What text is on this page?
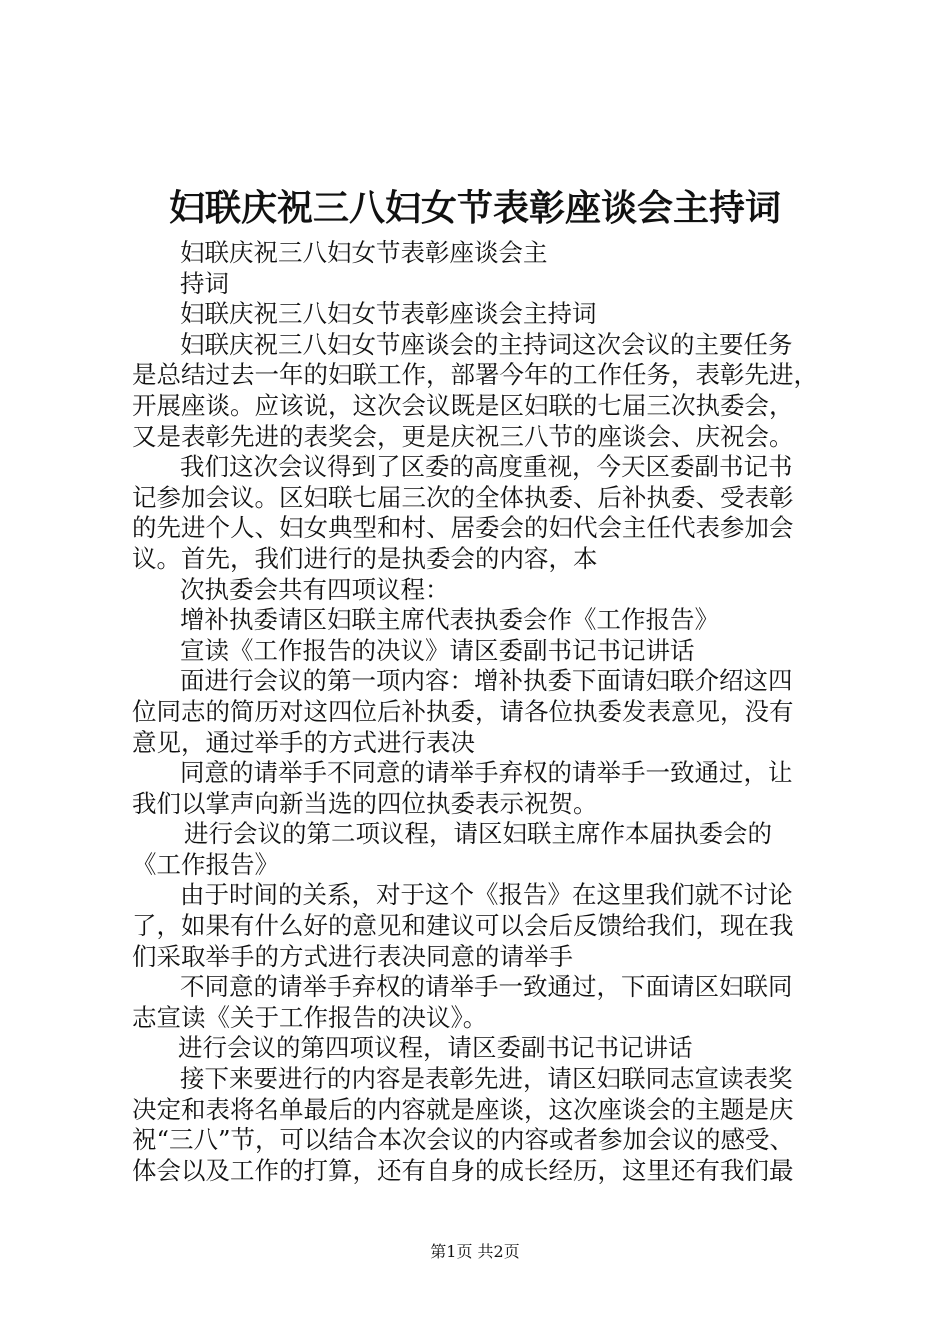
妇联庆祝三八妇女节表彰座谈会主持词
妇联庆祝三八妇女节表彰座谈会主
持词
妇联庆祝三八妇女节表彰座谈会主持词
妇联庆祝三八妇女节座谈会的主持词这次会议的主要任务
是总结过去一年的妇联工作，部署今年的工作任务，表彰先进，
开展座谈。应该说，这次会议既是区妇联的七届三次执委会，
又是表彰先进的表奖会，更是庆祝三八节的座谈会、庆祝会。
我们这次会议得到了区委的高度重视，今天区委副书记书
记参加会议。区妇联七届三次的全体执委、后补执委、受表彰
的先进个人、妇女典型和村、居委会的妇代会主任代表参加会
议。首先，我们进行的是执委会的内容，本
次执委会共有四项议程：
增补执委请区妇联主席代表执委会作《工作报告》
宣读《工作报告的决议》请区委副书记书记讲话
面进行会议的第一项内容：增补执委下面请妇联介绍这四
位同志的简历对这四位后补执委，请各位执委发表意见，没有
意见，通过举手的方式进行表决
同意的请举手不同意的请举手弃权的请举手一致通过，让
我们以掌声向新当选的四位执委表示祝贺。
进行会议的第二项议程，请区妇联主席作本届执委会的
《工作报告》
由于时间的关系，对于这个《报告》在这里我们就不讨论
了，如果有什么好的意见和建议可以会后反馈给我们，现在我
们采取举手的方式进行表决同意的请举手
不同意的请举手弃权的请举手一致通过，下面请区妇联同
志宣读《关于工作报告的决议》。
进行会议的第四项议程，请区委副书记书记讲话
接下来要进行的内容是表彰先进，请区妇联同志宣读表奖
决定和表将名单最后的内容就是座谈，这次座谈会的主题是庆
祝“三八”节，可以结合本次会议的内容或者参加会议的感受、
体会以及工作的打算，还有自身的成长经历，这里还有我们最
第1页 共2页
